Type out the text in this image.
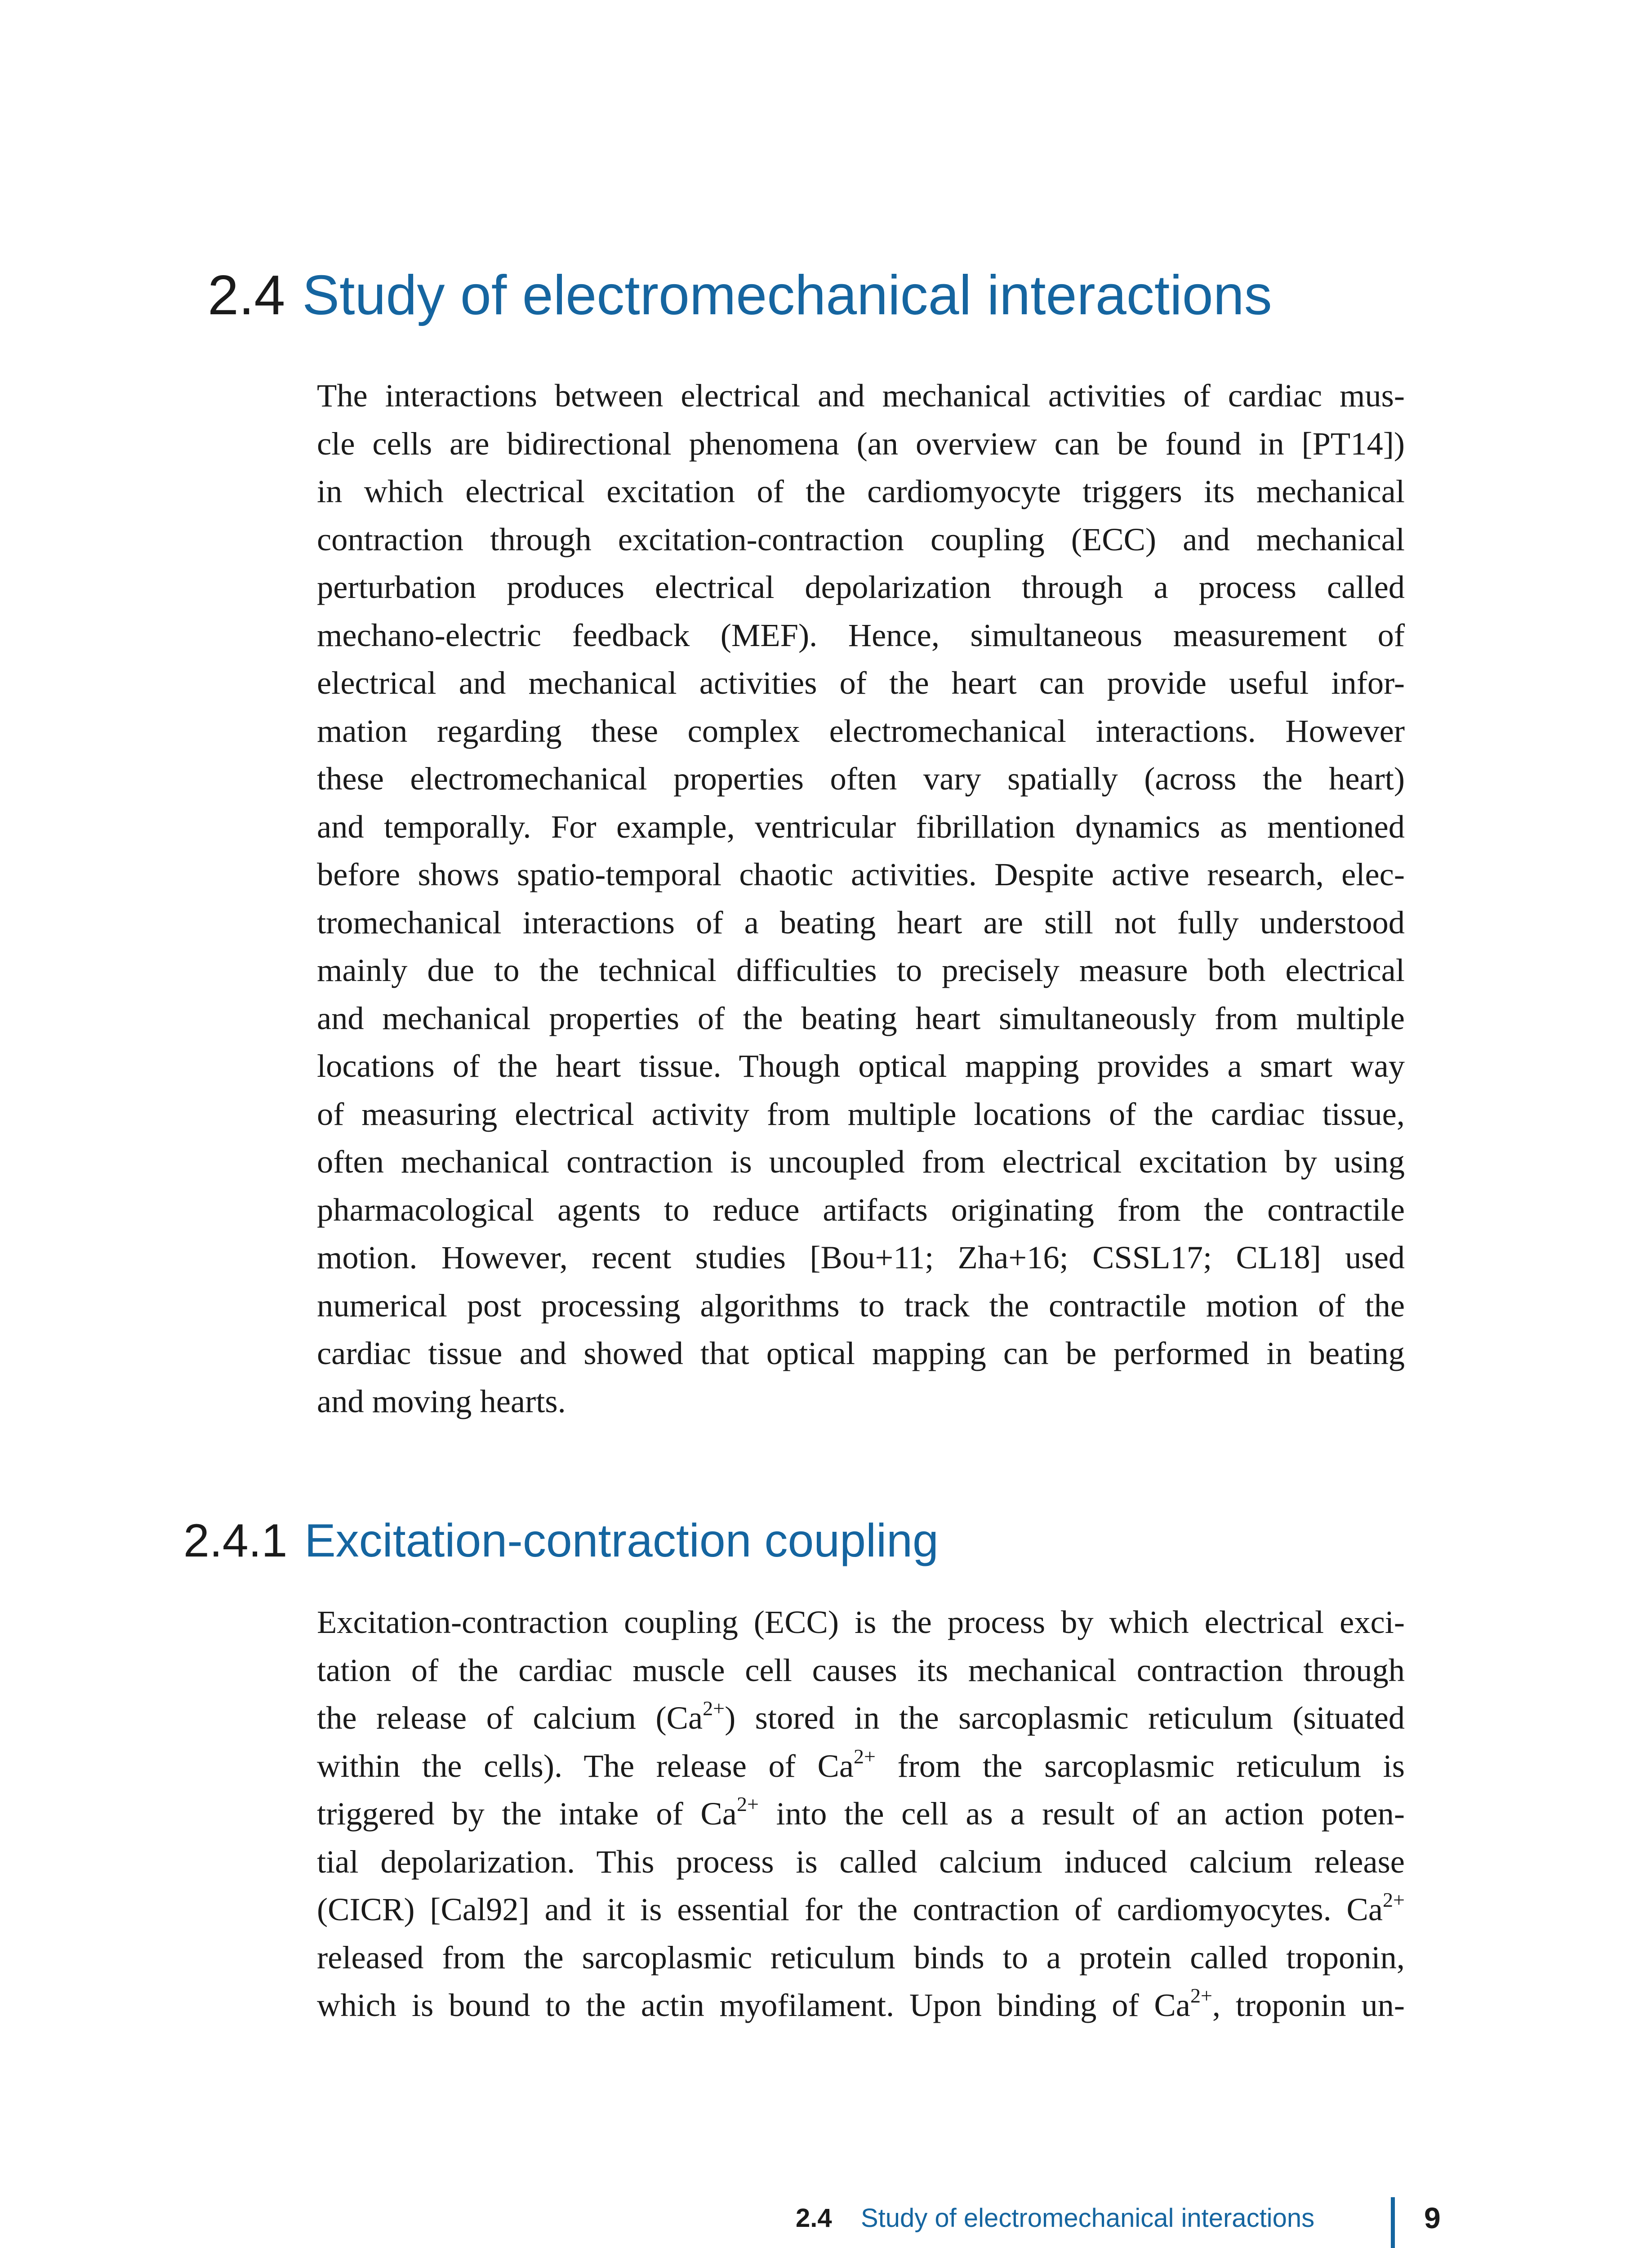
2.4 Study of electromechanical interactions
The interactions between electrical and mechanical activities of cardiac mus-
cle cells are bidirectional phenomena (an overview can be found in [PT14])
in which electrical excitation of the cardiomyocyte triggers its mechanical
contraction through excitation-contraction coupling (ECC) and mechanical
perturbation produces electrical depolarization through a process called
mechano-electric feedback (MEF). Hence, simultaneous measurement of
electrical and mechanical activities of the heart can provide useful infor-
mation regarding these complex electromechanical interactions. However
these electromechanical properties often vary spatially (across the heart)
and temporally. For example, ventricular fibrillation dynamics as mentioned
before shows spatio-temporal chaotic activities. Despite active research, elec-
tromechanical interactions of a beating heart are still not fully understood
mainly due to the technical difficulties to precisely measure both electrical
and mechanical properties of the beating heart simultaneously from multiple
locations of the heart tissue. Though optical mapping provides a smart way
of measuring electrical activity from multiple locations of the cardiac tissue,
often mechanical contraction is uncoupled from electrical excitation by using
pharmacological agents to reduce artifacts originating from the contractile
motion. However, recent studies [Bou+11; Zha+16; CSSL17; CL18] used
numerical post processing algorithms to track the contractile motion of the
cardiac tissue and showed that optical mapping can be performed in beating
and moving hearts.
2.4.1 Excitation-contraction coupling
Excitation-contraction coupling (ECC) is the process by which electrical exci-
tation of the cardiac muscle cell causes its mechanical contraction through
the release of calcium $(Ca^{2+})$ stored in the sarcoplasmic reticulum (situated
within the cells). The release of $Ca^{2+}$ from the sarcoplasmic reticulum is
triggered by the intake of $Ca^{2+}$ into the cell as a result of an action poten-
tial depolarization. This process is called calcium induced calcium release
(CICR) [Cal92] and it is essential for the contraction of cardiomyocytes. $Ca^{2+}$
released from the sarcoplasmic reticulum binds to a protein called troponin,
which is bound to the actin myofilament. Upon binding of $Ca^{2+}$, troponin un-
2.4 Study of electromechanical interactions	9
